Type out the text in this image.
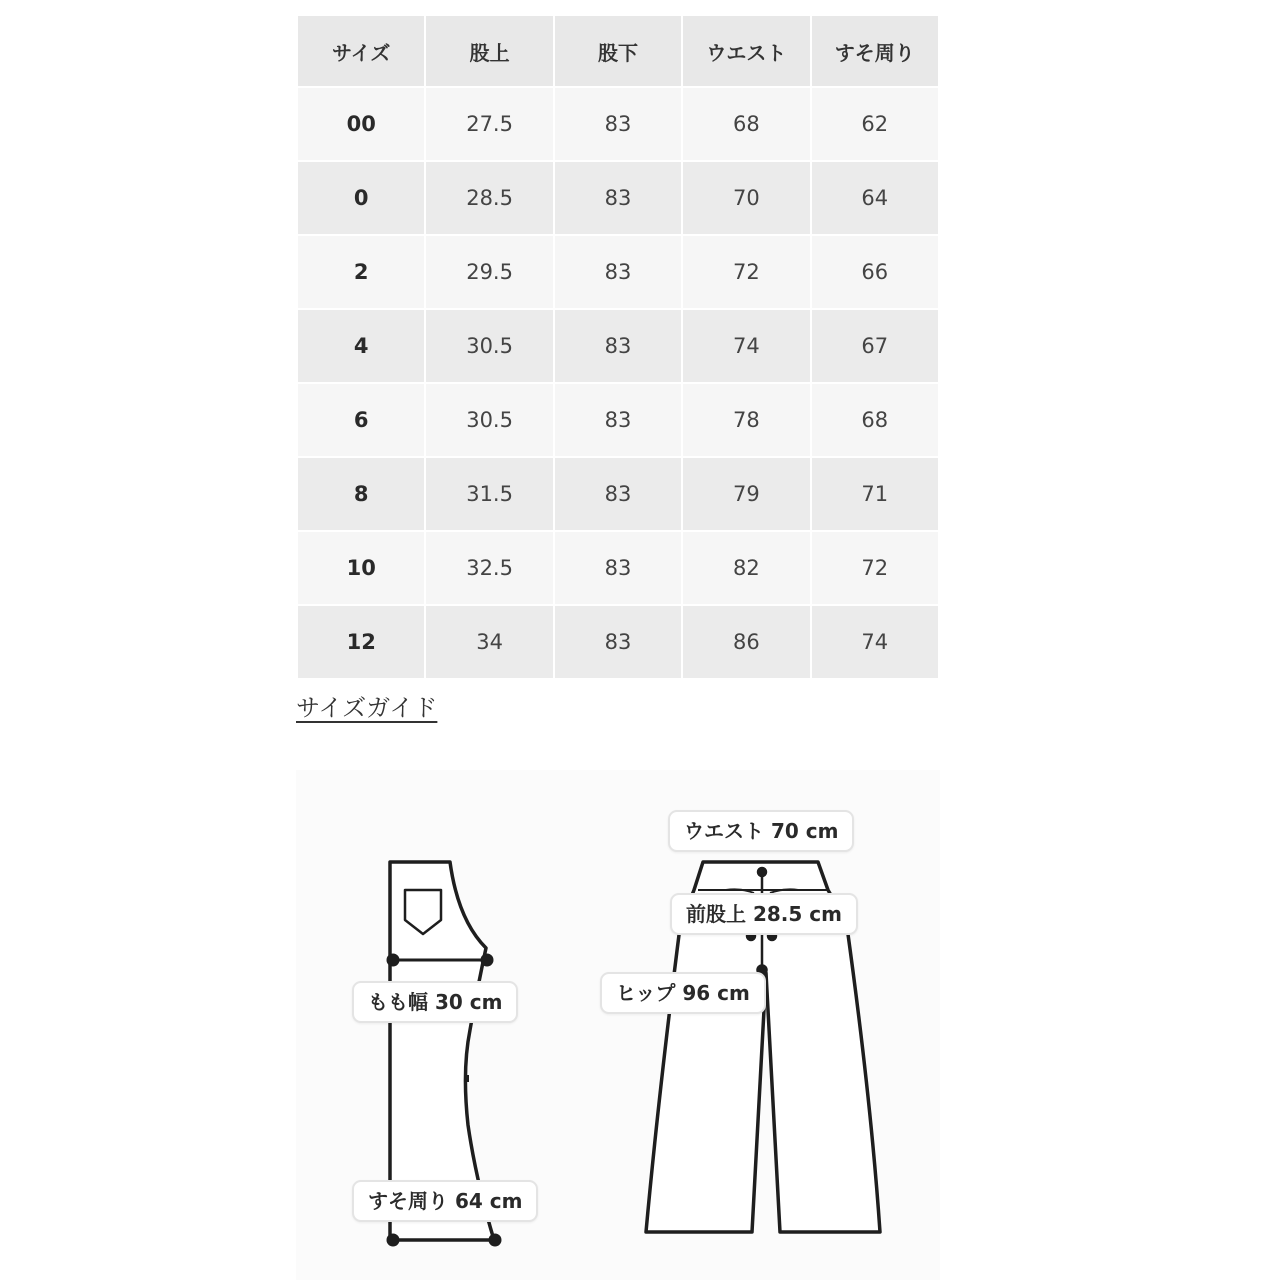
サイズ	股上	股下	ウエスト	すそ周り
00	27.5	83	68	62
0	28.5	83	70	64
2	29.5	83	72	66
4	30.5	83	74	67
6	30.5	83	78	68
8	31.5	83	79	71
10	32.5	83	82	72
12	34	83	86	74
サイズガイド
ウエスト 70 cm
前股上 28.5 cm
ヒップ 96 cm
もも幅 30 cm
すそ周り 64 cm
